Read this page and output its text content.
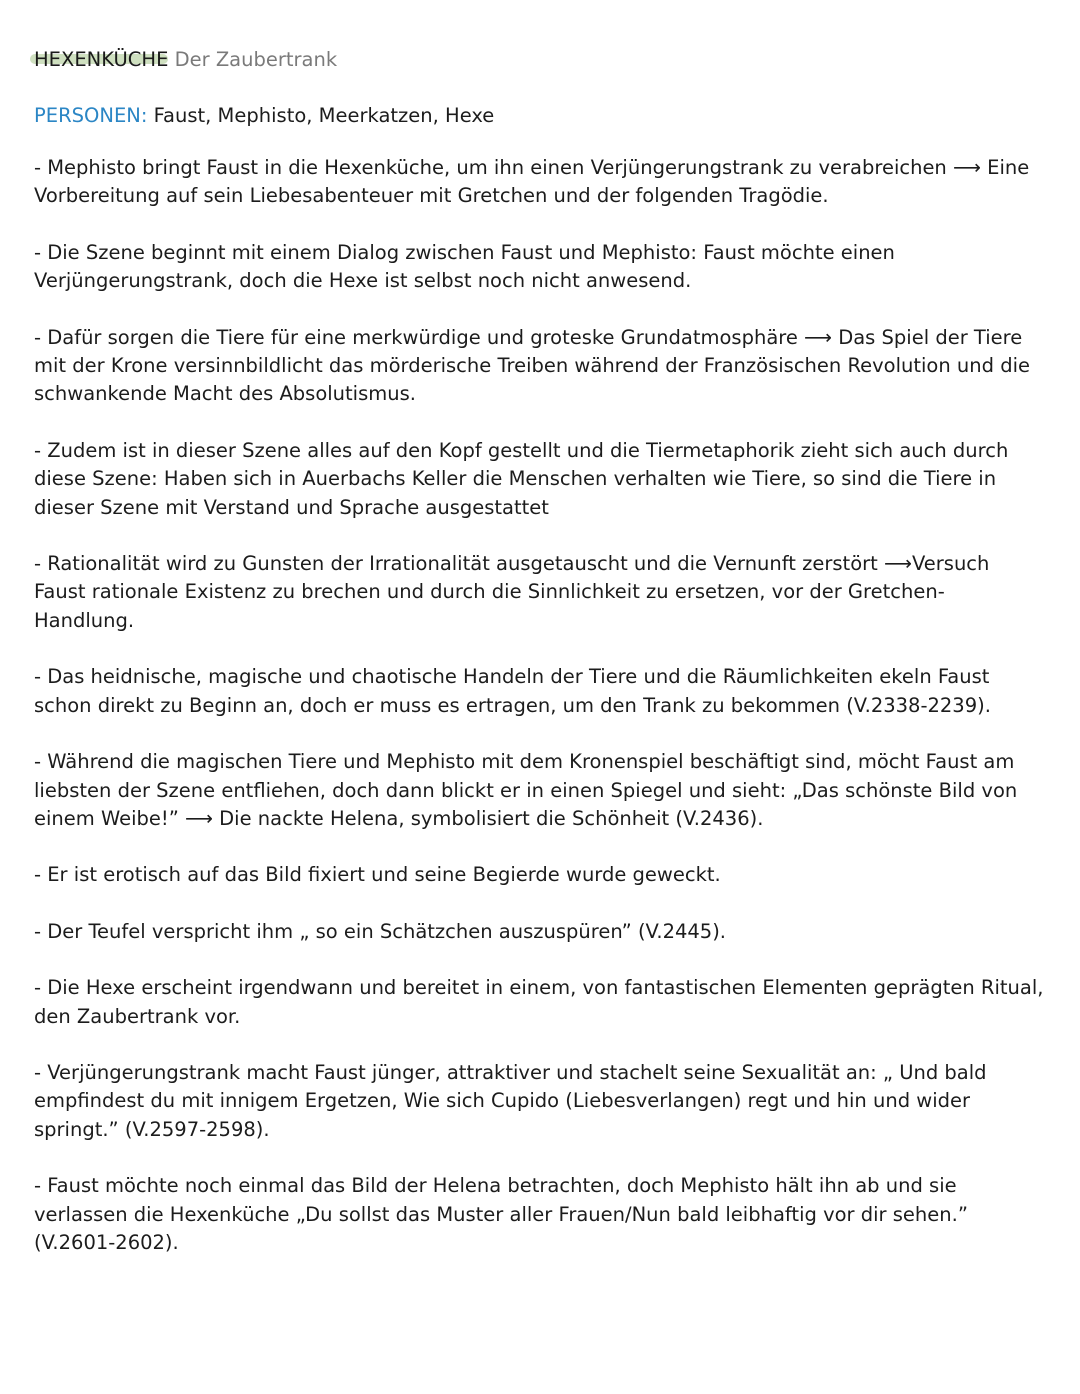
HEXENKÜCHE Der Zaubertrank

PERSONEN: Faust, Mephisto, Meerkatzen, Hexe

- Mephisto bringt Faust in die Hexenküche, um ihn einen Verjüngerungstrank zu verabreichen ⟶ Eine Vorbereitung auf sein Liebesabenteuer mit Gretchen und der folgenden Tragödie.

- Die Szene beginnt mit einem Dialog zwischen Faust und Mephisto: Faust möchte einen Verjüngerungstrank, doch die Hexe ist selbst noch nicht anwesend.

- Dafür sorgen die Tiere für eine merkwürdige und groteske Grundatmosphäre ⟶ Das Spiel der Tiere mit der Krone versinnbildlicht das mörderische Treiben während der Französischen Revolution und die schwankende Macht des Absolutismus.

- Zudem ist in dieser Szene alles auf den Kopf gestellt und die Tiermetaphorik zieht sich auch durch diese Szene: Haben sich in Auerbachs Keller die Menschen verhalten wie Tiere, so sind die Tiere in dieser Szene mit Verstand und Sprache ausgestattet

- Rationalität wird zu Gunsten der Irrationalität ausgetauscht und die Vernunft zerstört ⟶Versuch Faust rationale Existenz zu brechen und durch die Sinnlichkeit zu ersetzen, vor der Gretchen-Handlung.

- Das heidnische, magische und chaotische Handeln der Tiere und die Räumlichkeiten ekeln Faust schon direkt zu Beginn an, doch er muss es ertragen, um den Trank zu bekommen (V.2338-2239).

- Während die magischen Tiere und Mephisto mit dem Kronenspiel beschäftigt sind, möcht Faust am liebsten der Szene entfliehen, doch dann blickt er in einen Spiegel und sieht: „Das schönste Bild von einem Weibe!” ⟶ Die nackte Helena, symbolisiert die Schönheit (V.2436).

- Er ist erotisch auf das Bild fixiert und seine Begierde wurde geweckt.

- Der Teufel verspricht ihm „ so ein Schätzchen auszuspüren” (V.2445).

- Die Hexe erscheint irgendwann und bereitet in einem, von fantastischen Elementen geprägten Ritual, den Zaubertrank vor.

- Verjüngerungstrank macht Faust jünger, attraktiver und stachelt seine Sexualität an: „ Und bald empfindest du mit innigem Ergetzen, Wie sich Cupido (Liebesverlangen) regt und hin und wider springt.” (V.2597-2598).

- Faust möchte noch einmal das Bild der Helena betrachten, doch Mephisto hält ihn ab und sie verlassen die Hexenküche „Du sollst das Muster aller Frauen/Nun bald leibhaftig vor dir sehen.” (V.2601-2602).
